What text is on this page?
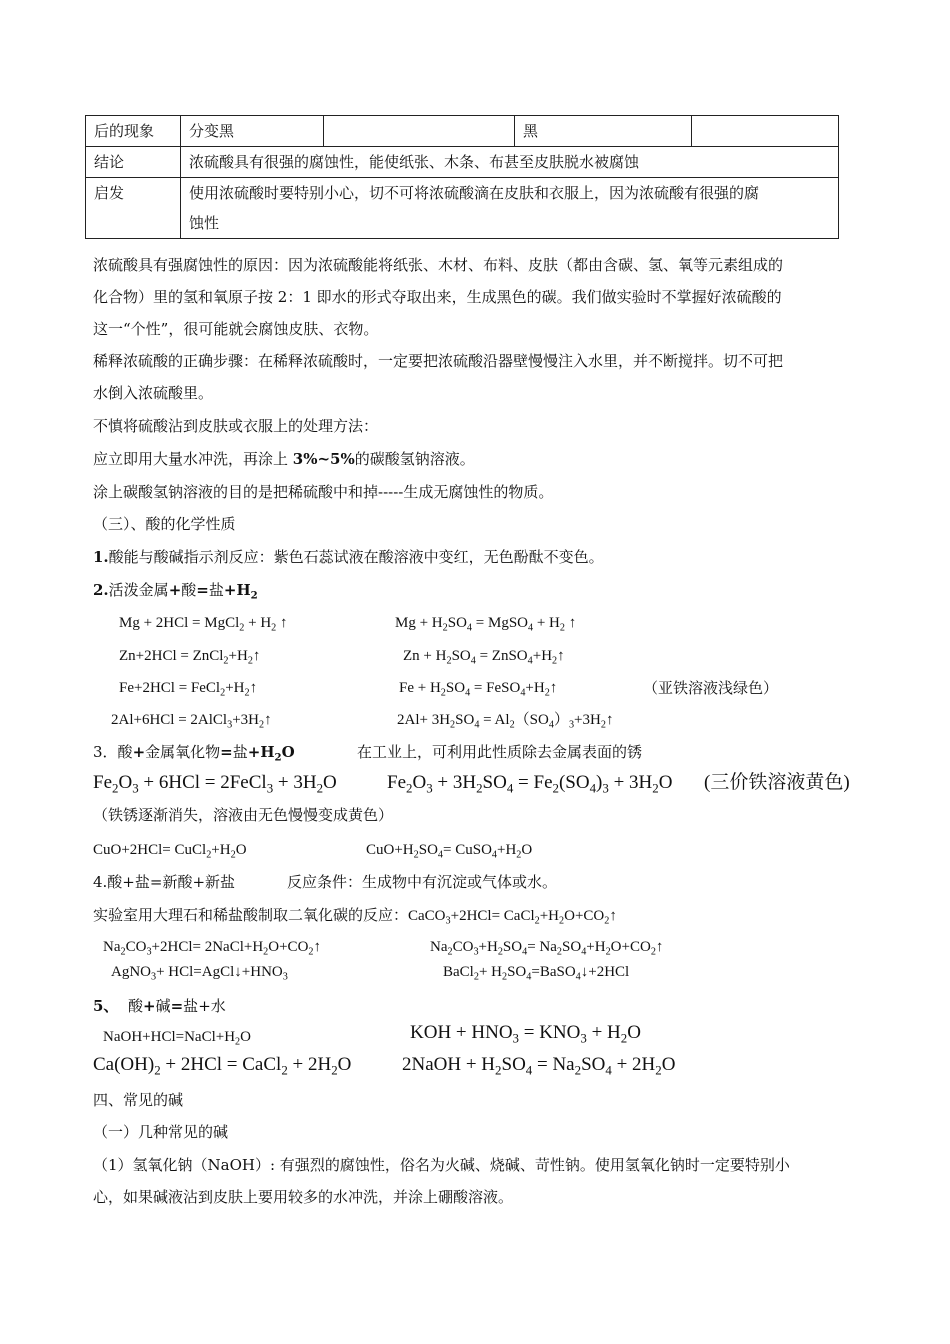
后的现象	分变黑		黑	
结论	浓硫酸具有很强的腐蚀性，能使纸张、木条、布甚至皮肤脱水被腐蚀			
启发	使用浓硫酸时要特别小心，切不可将浓硫酸滴在皮肤和衣服上，因为浓硫酸有很强的腐
蚀性			
浓硫酸具有强腐蚀性的原因：因为浓硫酸能将纸张、木材、布料、皮肤（都由含碳、氢、氧等元素组成的
化合物）里的氢和氧原子按 2：1 即水的形式夺取出来，生成黑色的碳。我们做实验时不掌握好浓硫酸的
这一“个性”，很可能就会腐蚀皮肤、衣物。
稀释浓硫酸的正确步骤：在稀释浓硫酸时，一定要把浓硫酸沿器壁慢慢注入水里，并不断搅拌。切不可把
水倒入浓硫酸里。
不慎将硫酸沾到皮肤或衣服上的处理方法：
应立即用大量水冲洗，再涂上 3%~5%的碳酸氢钠溶液。
涂上碳酸氢钠溶液的目的是把稀硫酸中和掉-----生成无腐蚀性的物质。
（三）、酸的化学性质
1.酸能与酸碱指示剂反应：紫色石蕊试液在酸溶液中变红，无色酚酞不变色。
2.活泼金属+酸=盐$+H_2$
Mg + 2HCl = MgCl$_2$ + $H_2$ ↑	$Mg + H_2SO_4$ = MgSO$_4$ + $H_2$ ↑
$Zn+2HCl = ZnCl_2+H_2↑$	$Zn + H_2SO_4$ = $ZnSO_4+H_2↑$
$Fe+2HCl = FeCl_2+H_2↑$	$Fe + H_2SO_4$ = $FeSO_4+H_2↑$	（亚铁溶液浅绿色）
$2Al+6HCl = 2AlCl_3+3H_2↑$	$2Al+ 3H_2SO_4$ = $Al_2(SO_4)_3+3H_2↑$
3．酸+金属氧化物=盐$+H_2O$	在工业上，可利用此性质除去金属表面的锈
$Fe_2O_3 + 6HCl$ = 2FeCl$_3$ + $3H_2O$	$Fe_2O_3 + 3H_2SO_4 = Fe_2(SO_4)_3 + 3H_2O$ (三价铁溶液黄色)
（铁锈逐渐消失，溶液由无色慢慢变成黄色）
$CuO+2HCl= CuCl_2+H_2O$	$CuO+H_2SO_4=$ $CuSO_4+H_2O$
4.酸+盐=新酸+新盐	反应条件：生成物中有沉淀或气体或水。
实验室用大理石和稀盐酸制取二氧化碳的反应：CaCO$_3$+2HCl= $CaCl_2+H_2O+CO_2↑$
$Na_2CO_3+2HCl=$ $2NaCl+H_2O+CO_2↑$	$Na_2CO_3+H_2SO_4=$ $Na_2SO_4+H_2O+CO_2↑$
AgNO$_3$+ $HCl=AgCl↓+HNO_3$	BaCl$_2$+ $H_2SO_4=BaSO_4↓+2HCl$
5、 酸+碱=盐+水
$NaOH+HCl=NaCl+H_2O$	KOH + $HNO_3 = KNO_3 + H_2O$
$Ca(OH)_2 + 2HCl$ = CaCl$_2$ + $2H_2O$	2NaOH + $H_2SO_4 = Na_2SO_4 + 2H_2O$
四、常见的碱
（一）几种常见的碱
（1）氢氧化钠（NaOH）: 有强烈的腐蚀性，俗名为火碱、烧碱、苛性钠。使用氢氧化钠时一定要特别小
心，如果碱液沾到皮肤上要用较多的水冲洗，并涂上硼酸溶液。
